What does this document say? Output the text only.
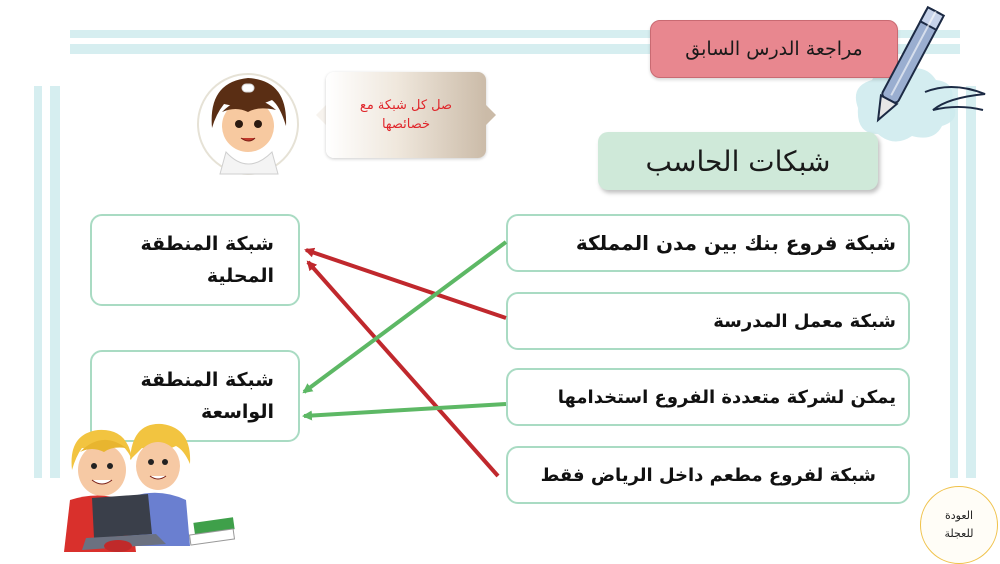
مراجعة الدرس السابق
صل كل شبكة مع خصائصها
شبكات الحاسب
شبكة المنطقة المحلية
شبكة المنطقة الواسعة
شبكة فروع بنك بين مدن المملكة
شبكة معمل المدرسة
يمكن لشركة متعددة الفروع استخدامها
شبكة لفروع مطعم داخل الرياض فقط
العودة للعجلة
